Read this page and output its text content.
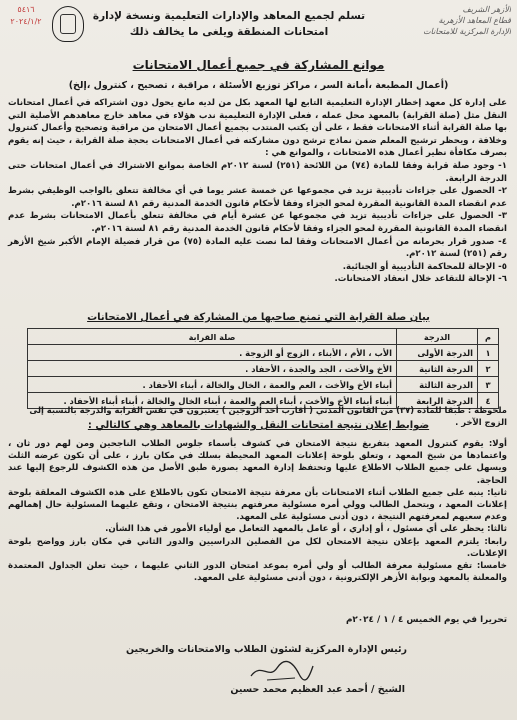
٥٤١٦
٢٠٢٤/١/٢
الأزهر الشريف
قطاع المعاهد الأزهرية
الإدارة المركزية للامتحانات
تسلم لجميع المعاهد والإدارات التعليمية ونسخة لإدارة امتحانات المنطقة ويلغى ما يخالف ذلك
موانع المشاركة في جميع أعمال الامتحانات
(أعمال المطبعة ،أمانة السر ، مراكز توزيع الأسئلة ، مراقبة ، تصحيح ، كنترول ،إلخ)

على إدارة كل معهد إخطار الإدارة التعليمية التابع لها المعهد بكل من لديه مانع يحول دون اشتراكه في أعمال امتحانات النقل مثل (صلة القرابة) بالمعهد محل عمله ، فعلى الإدارة التعليمية ندب هؤلاء في معاهد خارج معاهدهم الأصلية التي بها صلة القرابة أثناء الامتحانات فقط ، على أن يكتب المنتدب بجميع أعمال الامتحان من مراقبة وتصحيح وأعمال كنترول وخلافة ، ويحظر ترشيح المعلم ضمن نماذج ترشح دون مشاركته في أعمال الامتحانات بحجة صلة القرابة ، حيث إنه يقوم بصرف مكافأة نظير أعمال هذه الامتحانات ، والموانع هي :

١- وجود صلة قرابة وفقا للمادة (٧٤) من اللائحة (٢٥١) لسنة ٢٠١٢م الخاصة بموانع الاشتراك في أعمال امتحانات حتى الدرجة الرابعة.

٢- الحصول على جزاءات تأديبية تزيد في مجموعها عن خمسة عشر يوما في أي مخالفة تتعلق بالواجب الوظيفي بشرط عدم انقضاء المدة القانونية المقررة لمحو الجزاء وفقا لأحكام قانون الخدمة المدنية رقم ٨١ لسنة ٢٠١٦م.

٣- الحصول على جزاءات تأديبية تزيد في مجموعها عن عشرة أيام في مخالفة تتعلق بأعمال الامتحانات بشرط عدم انقضاء المدة القانونية المقررة لمحو الجزاء وفقا لأحكام قانون الخدمة المدنية رقم ٨١ لسنة ٢٠١٦م.

٤- صدور قرار بحرمانه من أعمال الامتحانات وفقا لما نصت عليه المادة (٧٥) من قرار فضيلة الإمام الأكبر شيخ الأزهر رقم (٢٥١) لسنة ٢٠١٢م.

٥- الإحالة للمحاكمة التأديبية أو الجنائية.

٦- الإحالة للتقاعد خلال انعقاد الامتحانات.

بيان صلة القرابة التي تمنع صاحبها من المشاركة في أعمال الامتحانات
م	الدرجة	صلة القرابة
١	الدرجة الأولى	الأب ، الأم ، الأبناء ، الزوج أو الزوجة .
٢	الدرجة الثانية	الأخ والأخت ، الجد والجدة ، الأحفاد .
٣	الدرجة الثالثة	أبناء الأخ والأخت ، العم والعمة ، الخال والخالة ، أبناء الأحفاد .
٤	الدرجة الرابعة	أبناء أبناء الأخ والأخت ، أبناء العم والعمة ، أبناء الخال والخالة ، أبناء أبناء الأحفاد .
ملحوظة : طبقا للمادة (٣٧) من القانون المدني ( أقارب أحد الزوجين ) يعتبرون في نفس القرابة والدرجة بالنسبة إلى الزوج الآخر .
ضوابط إعلان نتيجة امتحانات النقل والشهادات بالمعاهد وهي كالتالي :

أولا: يقوم كنترول المعهد بتفريغ نتيجة الامتحان في كشوف بأسماء جلوس الطلاب الناجحين ومن لهم دور ثان ، واعتمادها من شيخ المعهد ، وتعلق بلوحة إعلانات المعهد المحيطة بسلك في مكان بارز ، على أن تكون عرضه الثلث ويسهل على جميع الطلاب الاطلاع عليها وتحتفظ إدارة المعهد بصورة طبق الأصل من هذه الكشوف للرجوع إليها عند الحاجة.

ثانيا: ينبه على جميع الطلاب أثناء الامتحانات بأن معرفة نتيجة الامتحان تكون بالاطلاع على هذه الكشوف المعلقة بلوحة إعلانات المعهد ، ويتحمل الطالب وولي أمره مسئولية معرفتهم بنتيجة الامتحان ، وتقع عليهما المسئولية حال إهمالهم وعدم سعيهم لمعرفتهم النتيجة ، دون أدنى مسئولية على المعهد.

ثالثا: يحظر على أي مسئول ، أو إداري ، أو عامل بالمعهد التعامل مع أولياء الأمور في هذا الشأن.

رابعا: يلتزم المعهد بإعلان نتيجة الامتحان لكل من الفصلين الدراسيين والدور الثاني في مكان بارز وواضح بلوحة الإعلانات.

خامسا: تقع مسئولية معرفة الطالب أو ولي أمره بموعد امتحان الدور الثاني عليهما ، حيث تعلن الجداول المعتمدة والمعلنة بالمعهد وبوابة الأزهر الإلكترونية ، دون أدنى مسئولية على المعهد.

تحريرا في يوم الخميس ٤ / ١ / ٢٠٢٤م
رئيس الإدارة المركزية لشئون الطلاب والامتحانات والخريجين
الشيخ / أحمد عبد العظيم محمد حسين
